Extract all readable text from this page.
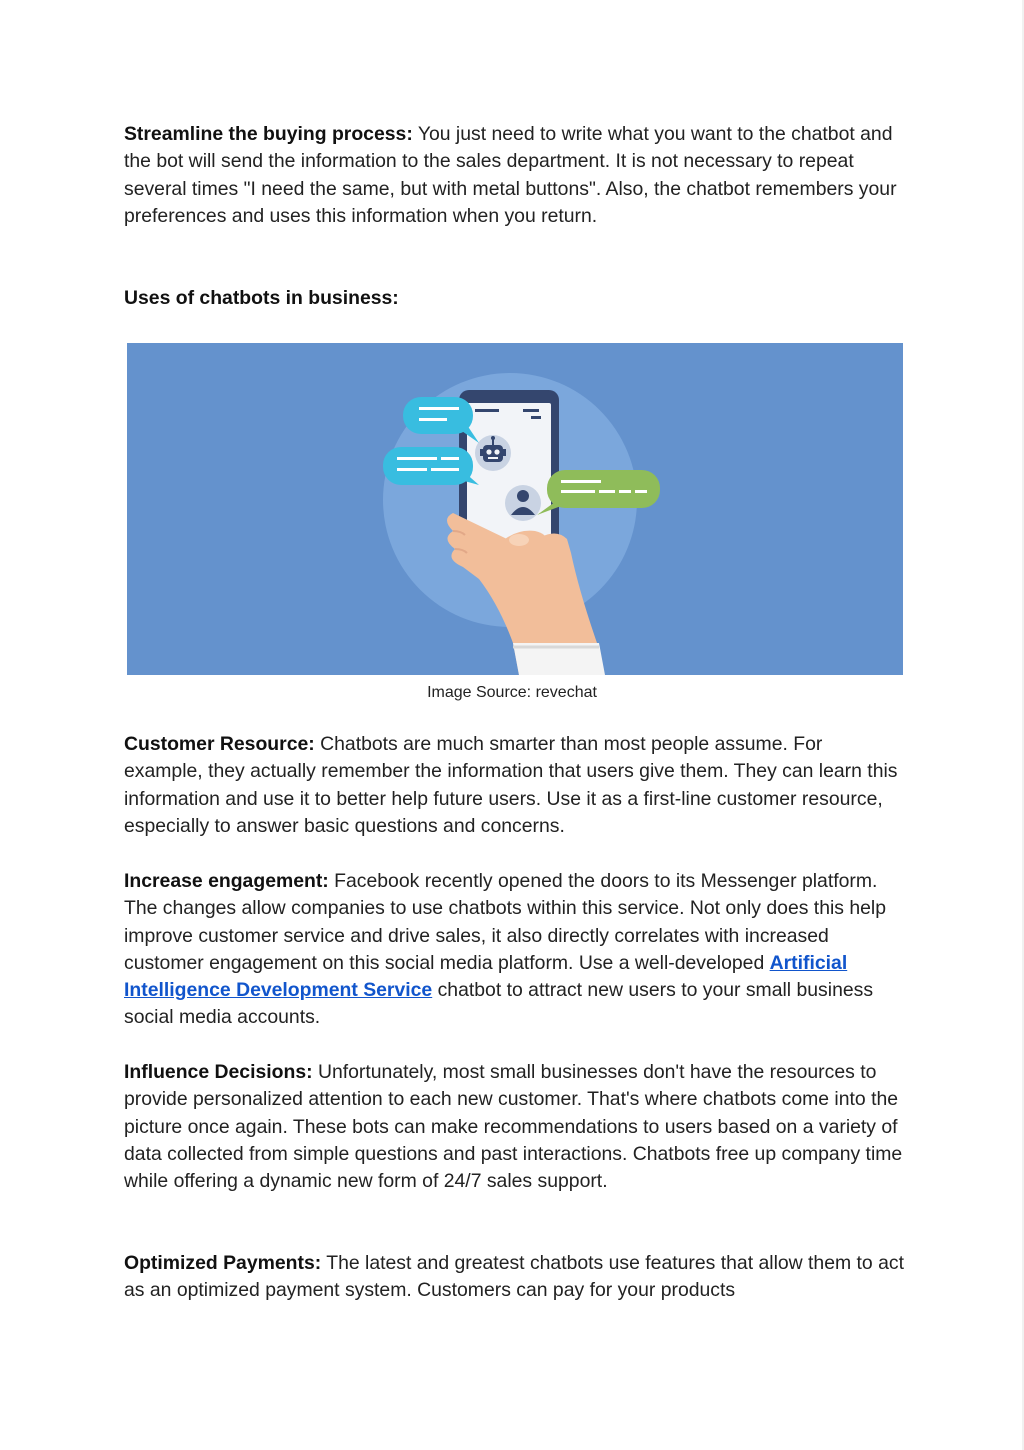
Streamline the buying process: You just need to write what you want to the chatbot and the bot will send the information to the sales department. It is not necessary to repeat several times "I need the same, but with metal buttons". Also, the chatbot remembers your preferences and uses this information when you return.

Uses of chatbots in business:

Image Source: revechat

Customer Resource: Chatbots are much smarter than most people assume. For example, they actually remember the information that users give them. They can learn this information and use it to better help future users. Use it as a first-line customer resource, especially to answer basic questions and concerns.

Increase engagement: Facebook recently opened the doors to its Messenger platform. The changes allow companies to use chatbots within this service. Not only does this help improve customer service and drive sales, it also directly correlates with increased customer engagement on this social media platform. Use a well-developed Artificial Intelligence Development Service chatbot to attract new users to your small business social media accounts.

Influence Decisions: Unfortunately, most small businesses don't have the resources to provide personalized attention to each new customer. That's where chatbots come into the picture once again. These bots can make recommendations to users based on a variety of data collected from simple questions and past interactions. Chatbots free up company time while offering a dynamic new form of 24/7 sales support.

Optimized Payments: The latest and greatest chatbots use features that allow them to act as an optimized payment system. Customers can pay for your products
